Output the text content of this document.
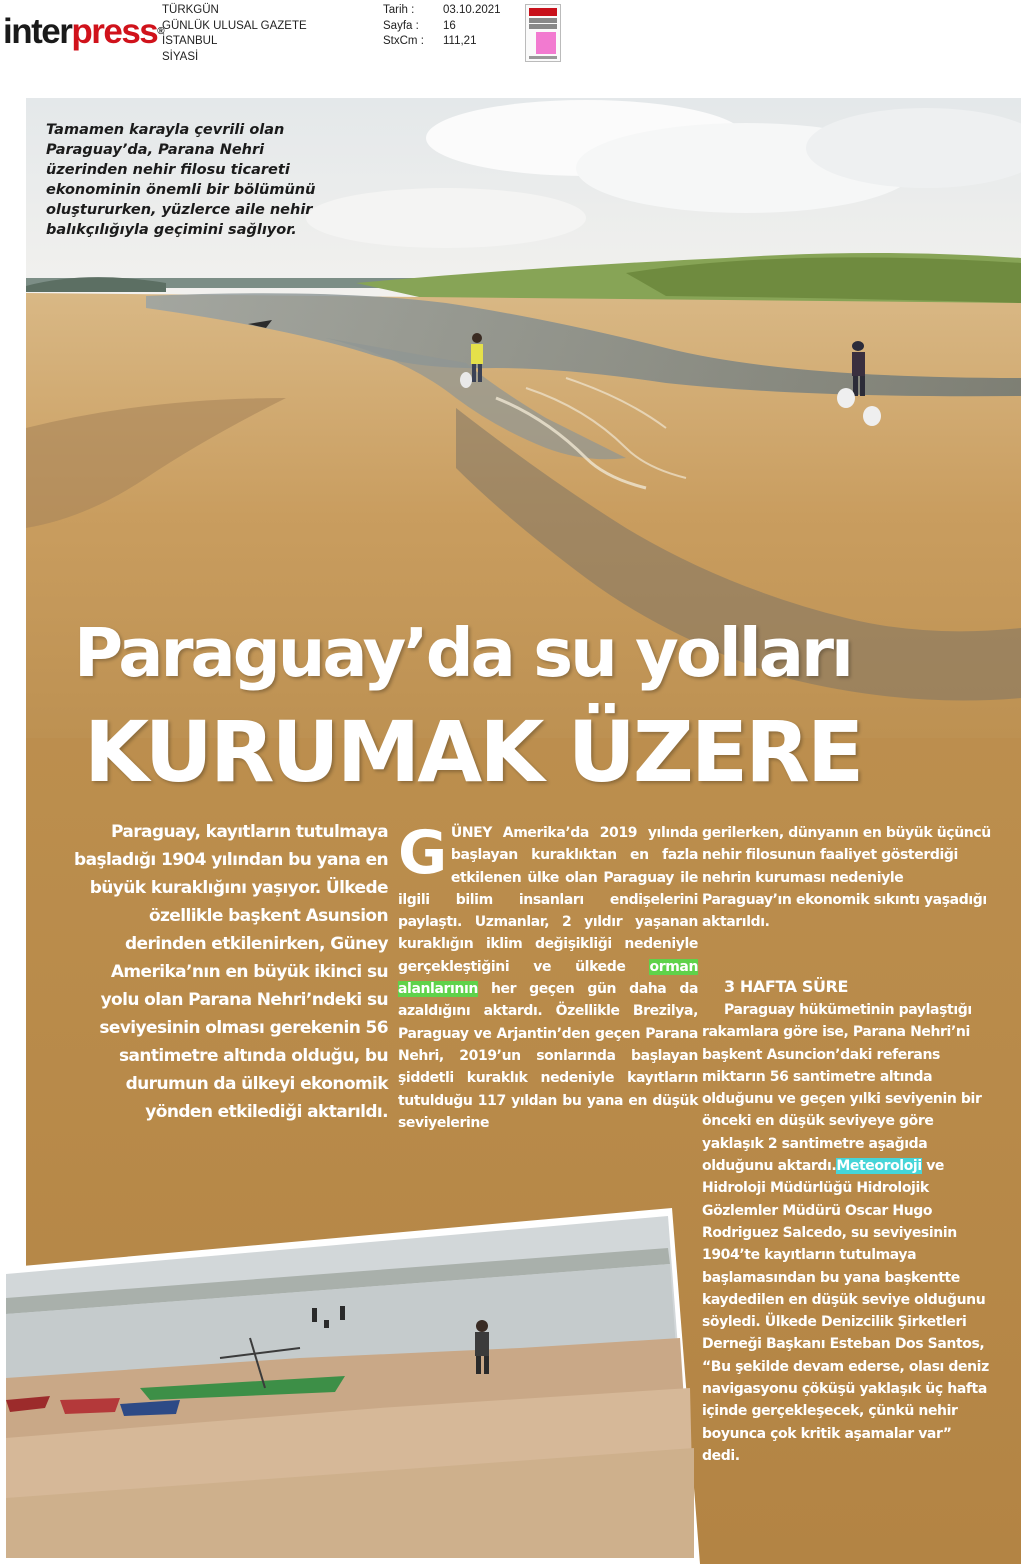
interpress®
TÜRKGÜN
GÜNLÜK ULUSAL GAZETE
İSTANBUL
SİYASİ
Tarih :	03.10.2021
Sayfa :	16
StxCm :	111,21
Tamamen karayla çevrili olan Paraguay’da, Parana Nehri üzerinden nehir filosu ticareti ekonominin önemli bir bölümünü oluştururken, yüzlerce aile nehir balıkçılığıyla geçimini sağlıyor.
Paraguay’da su yolları
KURUMAK ÜZERE
Paraguay, kayıtların tutulmaya başladığı 1904 yılından bu yana en büyük kuraklığını yaşıyor. Ülkede özellikle başkent Asunsion derinden etkilenirken, Güney Amerika’nın en büyük ikinci su yolu olan Parana Nehri’ndeki su seviyesinin olması gerekenin 56 santimetre altında olduğu, bu durumun da ülkeyi ekonomik yönden etkilediği aktarıldı.
GÜNEY Amerika’da 2019 yılında başlayan kuraklıktan en fazla etkilenen ülke olan Paraguay ile ilgili bilim insanları endişelerini paylaştı. Uzmanlar, 2 yıldır yaşanan kuraklığın iklim değişikliği nedeniyle gerçekleştiğini ve ülkede orman alanlarının her geçen gün daha da azaldığını aktardı. Özellikle Brezilya, Paraguay ve Arjantin’den geçen Parana Nehri, 2019’un sonlarında başlayan şiddetli kuraklık nedeniyle kayıtların tutulduğu 117 yıldan bu yana en düşük seviyelerine
gerilerken, dünyanın en büyük üçüncü nehir filosunun faaliyet gösterdiği nehrin kuruması nedeniyle Paraguay’ın ekonomik sıkıntı yaşadığı aktarıldı.
3 HAFTA SÜRE
Paraguay hükümetinin paylaştığı rakamlara göre ise, Parana Nehri’ni başkent Asuncion’daki referans miktarın 56 santimetre altında olduğunu ve geçen yılki seviyenin bir önceki en düşük seviyeye göre yaklaşık 2 santimetre aşağıda olduğunu aktardı.Meteoroloji ve Hidroloji Müdürlüğü Hidrolojik Gözlemler Müdürü Oscar Hugo Rodriguez Salcedo, su seviyesinin 1904’te kayıtların tutulmaya başlamasından bu yana başkentte kaydedilen en düşük seviye olduğunu söyledi. Ülkede Denizcilik Şirketleri Derneği Başkanı Esteban Dos Santos, “Bu şekilde devam ederse, olası deniz navigasyonu çöküşü yaklaşık üç hafta içinde gerçekleşecek, çünkü nehir boyunca çok kritik aşamalar var” dedi.
